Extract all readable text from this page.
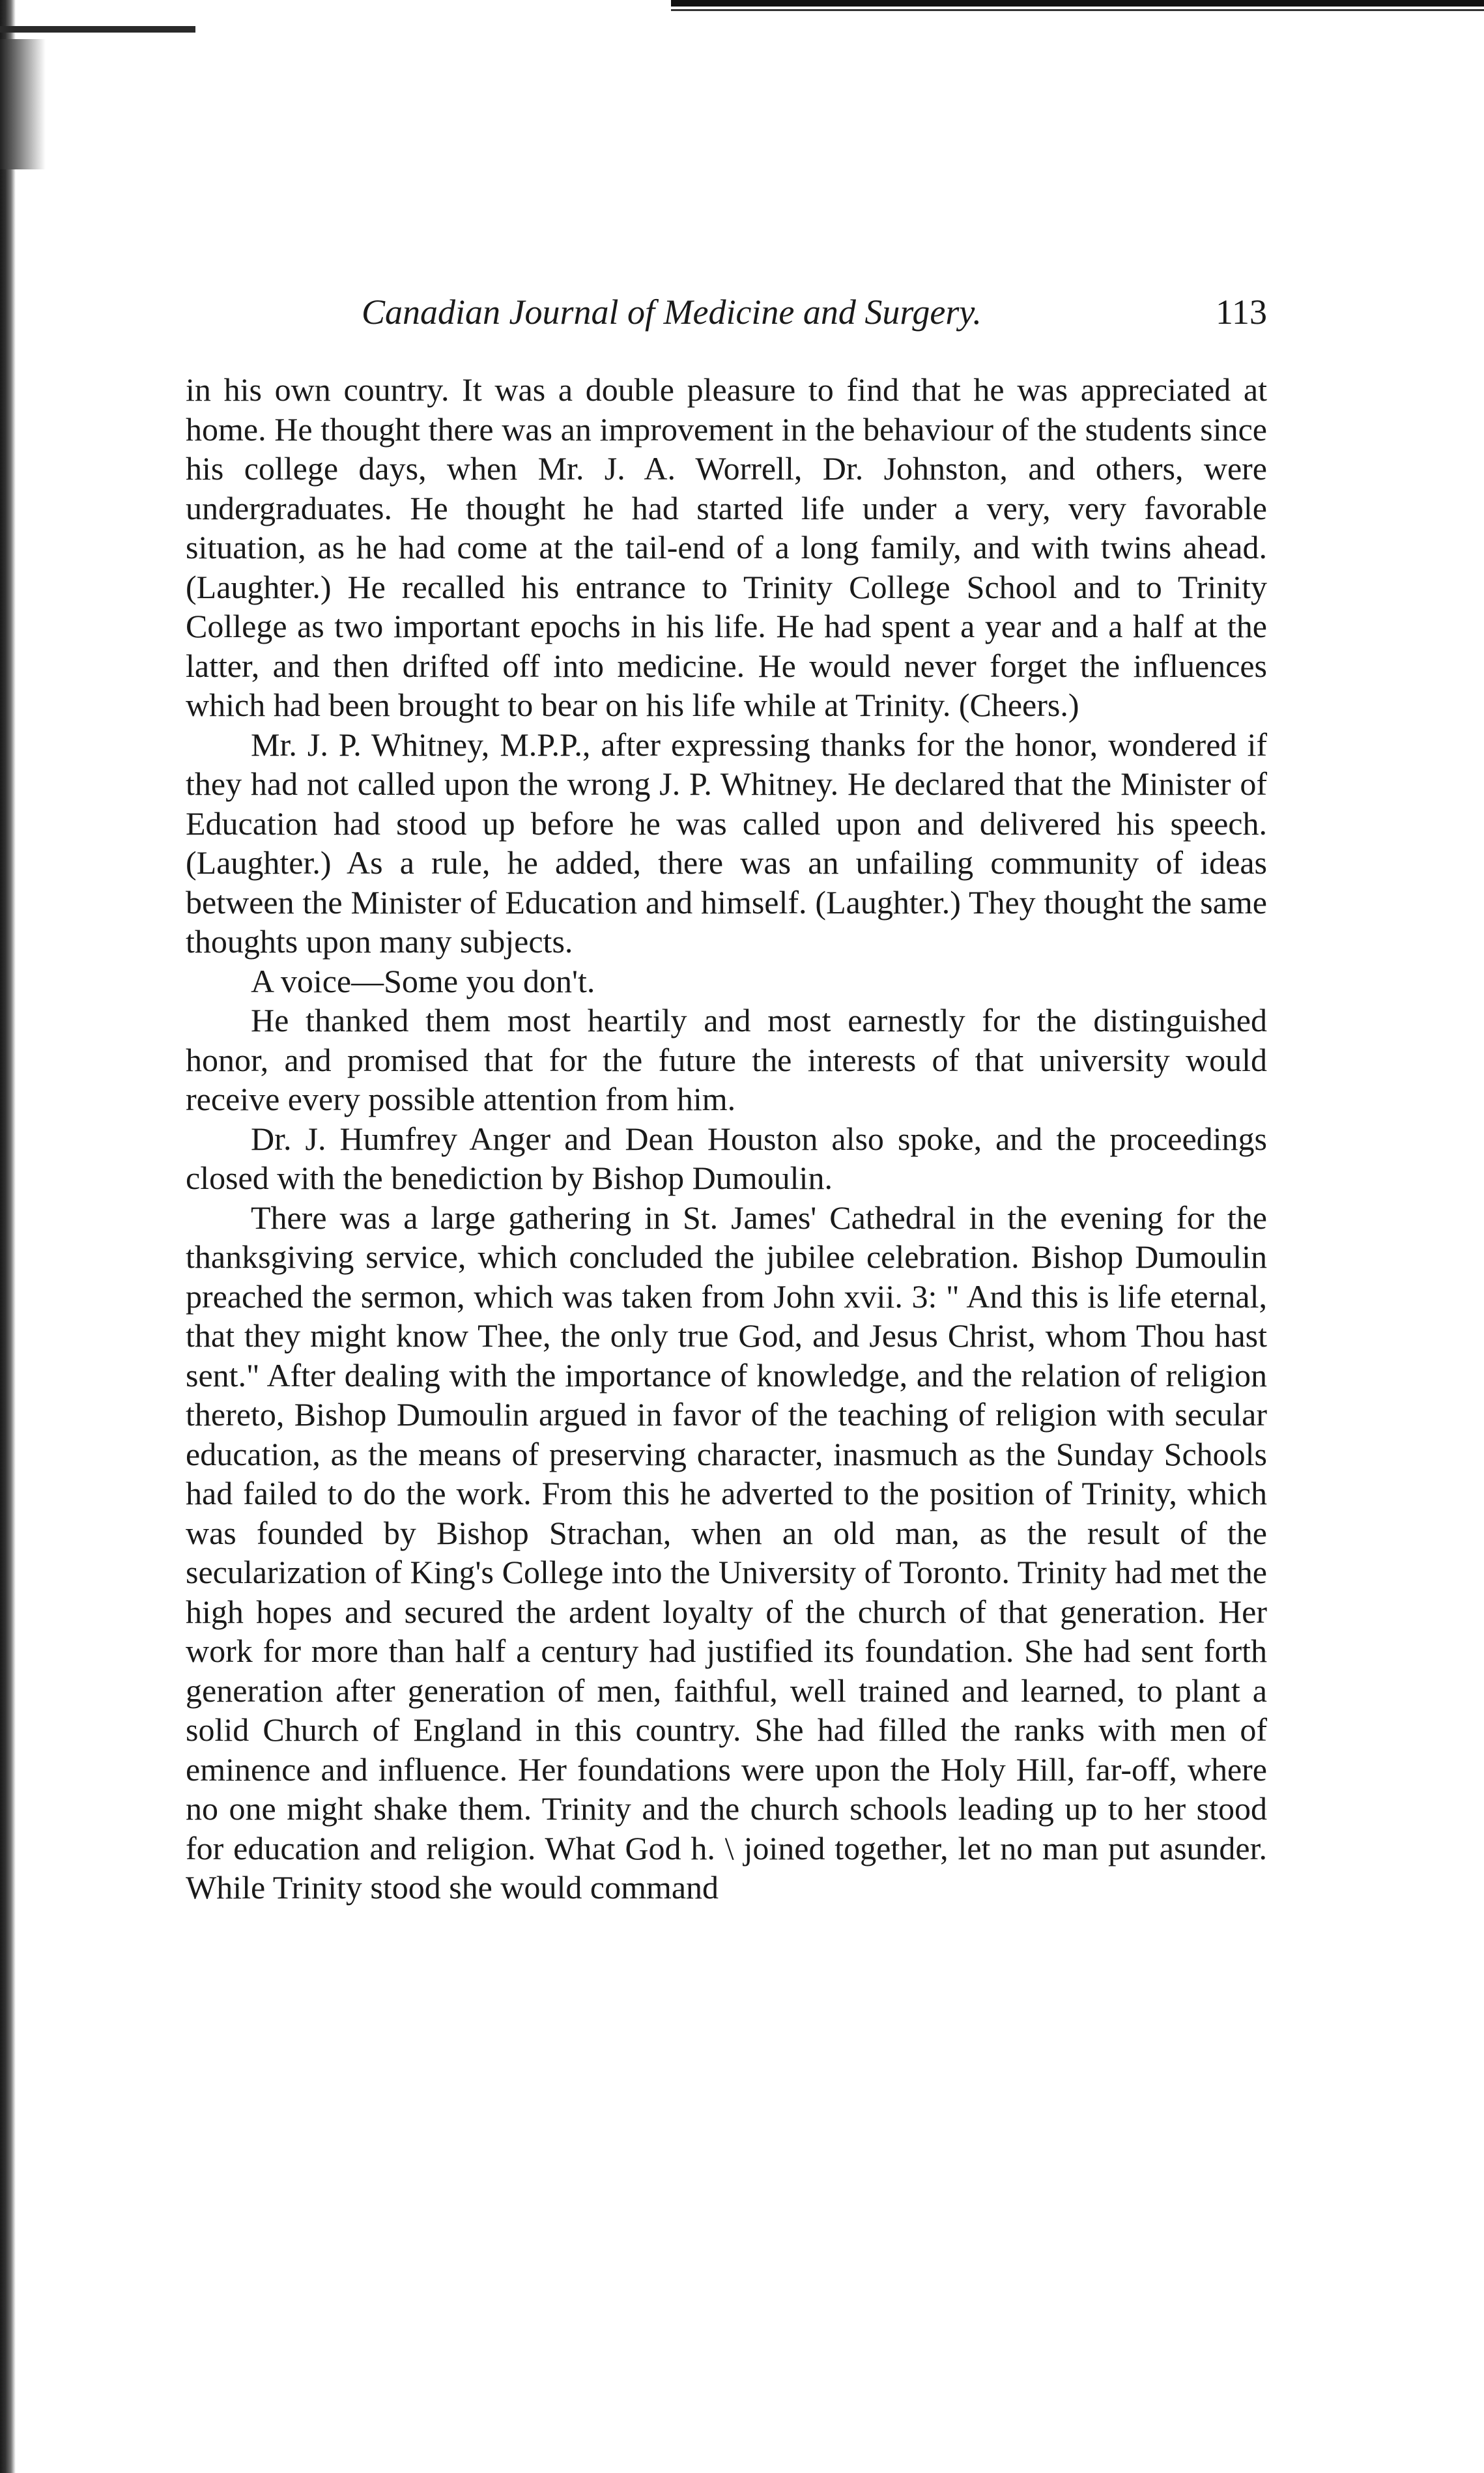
Canadian Journal of Medicine and Surgery.	113

in his own country. It was a double pleasure to find that he was appreciated at home. He thought there was an improvement in the behaviour of the students since his college days, when Mr. J. A. Worrell, Dr. Johnston, and others, were undergraduates. He thought he had started life under a very, very favorable situation, as he had come at the tail-end of a long family, and with twins ahead. (Laughter.) He recalled his entrance to Trinity College School and to Trinity College as two important epochs in his life. He had spent a year and a half at the latter, and then drifted off into medicine. He would never forget the influences which had been brought to bear on his life while at Trinity. (Cheers.)

Mr. J. P. Whitney, M.P.P., after expressing thanks for the honor, wondered if they had not called upon the wrong J. P. Whitney. He declared that the Minister of Education had stood up before he was called upon and delivered his speech. (Laughter.) As a rule, he added, there was an unfailing community of ideas between the Minister of Education and himself. (Laughter.) They thought the same thoughts upon many subjects.

A voice—Some you don't.

He thanked them most heartily and most earnestly for the distinguished honor, and promised that for the future the interests of that university would receive every possible attention from him.

Dr. J. Humfrey Anger and Dean Houston also spoke, and the proceedings closed with the benediction by Bishop Dumoulin.

There was a large gathering in St. James' Cathedral in the evening for the thanksgiving service, which concluded the jubilee celebration. Bishop Dumoulin preached the sermon, which was taken from John xvii. 3: " And this is life eternal, that they might know Thee, the only true God, and Jesus Christ, whom Thou hast sent." After dealing with the importance of knowledge, and the relation of religion thereto, Bishop Dumoulin argued in favor of the teaching of religion with secular education, as the means of preserving character, inasmuch as the Sunday Schools had failed to do the work. From this he adverted to the position of Trinity, which was founded by Bishop Strachan, when an old man, as the result of the secularization of King's College into the University of Toronto. Trinity had met the high hopes and secured the ardent loyalty of the church of that generation. Her work for more than half a century had justified its foundation. She had sent forth generation after generation of men, faithful, well trained and learned, to plant a solid Church of England in this country. She had filled the ranks with men of eminence and influence. Her foundations were upon the Holy Hill, far-off, where no one might shake them. Trinity and the church schools leading up to her stood for education and religion. What God h. \ joined together, let no man put asunder. While Trinity stood she would command
